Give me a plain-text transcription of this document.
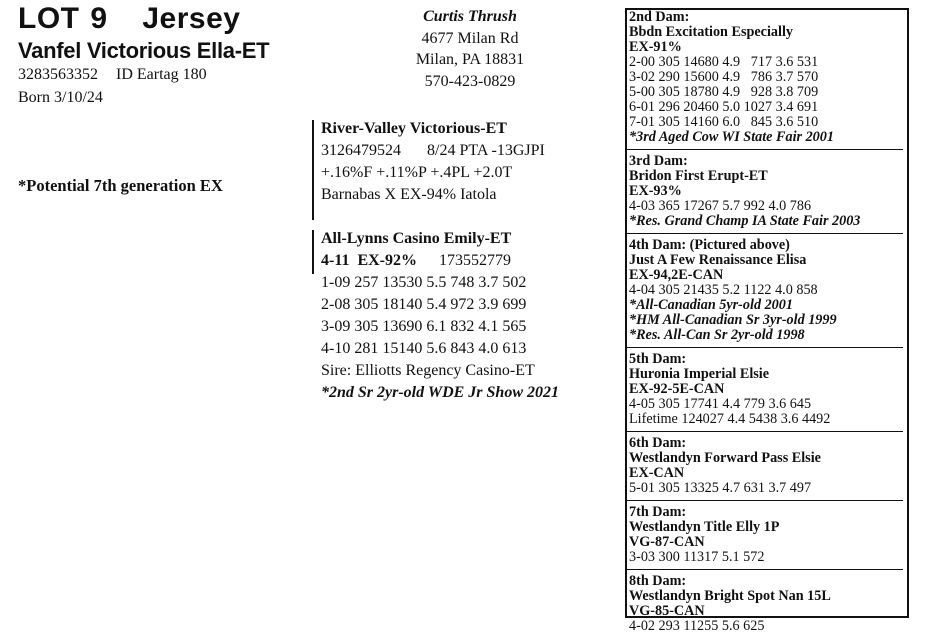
LOT 9 Jersey
Vanfel Victorious Ella-ET
3283563352 ID Eartag 180
Born 3/10/24
*Potential 7th generation EX
Curtis Thrush
4677 Milan Rd
Milan, PA 18831
570-423-0829
River-Valley Victorious-ET
3126479524 8/24 PTA -13GJPI
+.16%F +.11%P +.4PL +2.0T
Barnabas X EX-94% Iatola
All-Lynns Casino Emily-ET
4-11  EX-92% 173552779
1-09 257 13530 5.5 748 3.7 502
2-08 305 18140 5.4 972 3.9 699
3-09 305 13690 6.1 832 4.1 565
4-10 281 15140 5.6 843 4.0 613
Sire: Elliotts Regency Casino-ET
*2nd Sr 2yr-old WDE Jr Show 2021
2nd Dam:
Bbdn Excitation Especially
EX-91%
2-00 305 14680 4.9   717 3.6 531
3-02 290 15600 4.9   786 3.7 570
5-00 305 18780 4.9   928 3.8 709
6-01 296 20460 5.0 1027 3.4 691
7-01 305 14160 6.0   845 3.6 510
*3rd Aged Cow WI State Fair 2001
3rd Dam:
Bridon First Erupt-ET
EX-93%
4-03 365 17267 5.7 992 4.0 786
*Res. Grand Champ IA State Fair 2003
4th Dam: (Pictured above)
Just A Few Renaissance Elisa
EX-94,2E-CAN
4-04 305 21435 5.2 1122 4.0 858
*All-Canadian 5yr-old 2001
*HM All-Canadian Sr 3yr-old 1999
*Res. All-Can Sr 2yr-old 1998
5th Dam:
Huronia Imperial Elsie
EX-92-5E-CAN
4-05 305 17741 4.4 779 3.6 645
Lifetime 124027 4.4 5438 3.6 4492
6th Dam:
Westlandyn Forward Pass Elsie
EX-CAN
5-01 305 13325 4.7 631 3.7 497
7th Dam:
Westlandyn Title Elly 1P
VG-87-CAN
3-03 300 11317 5.1 572
8th Dam:
Westlandyn Bright Spot Nan 15L
VG-85-CAN
4-02 293 11255 5.6 625
